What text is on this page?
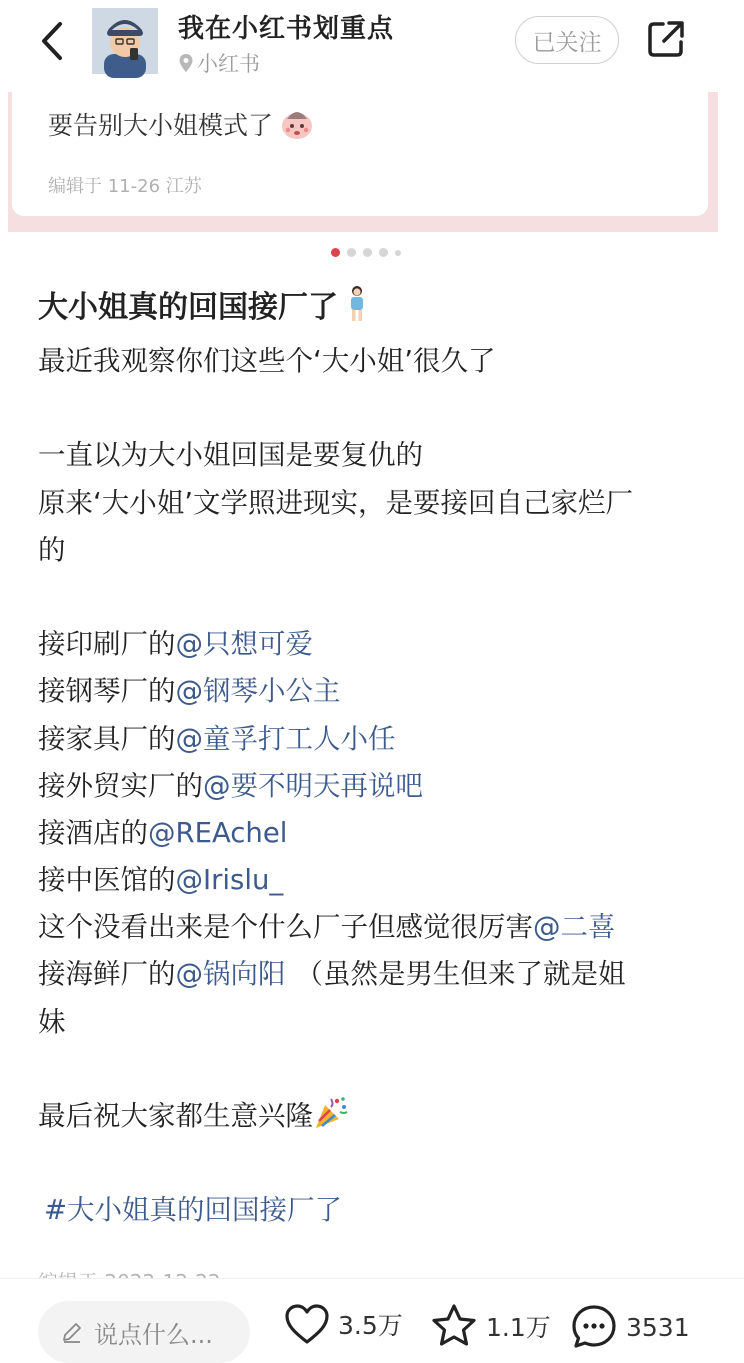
我在小红书划重点
小红书
已关注
要告别大小姐模式了
编辑于 11-26 江苏
大小姐真的回国接厂了
最近我观察你们这些个‘大小姐’很久了
一直以为大小姐回国是要复仇的
原来‘大小姐’文学照进现实，是要接回自己家烂厂
的
接印刷厂的@只想可爱
接钢琴厂的@钢琴小公主
接家具厂的@童孚打工人小任
接外贸实厂的@要不明天再说吧
接酒店的@REAchel
接中医馆的@Irislu_
这个没看出来是个什么厂子但感觉很厉害@二喜
接海鲜厂的@锅向阳 （虽然是男生但来了就是姐
妹
最后祝大家都生意兴隆
#大小姐真的回国接厂了
说点什么...	3.5万	1.1万	3531
